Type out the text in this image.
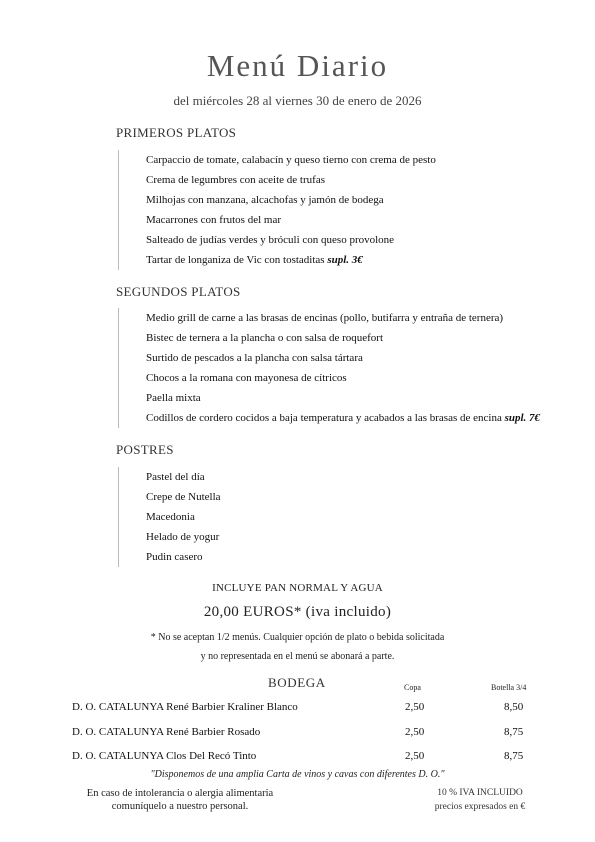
Menú Diario
del miércoles 28 al viernes 30 de enero de 2026
PRIMEROS PLATOS
Carpaccio de tomate, calabacín y queso tierno con crema de pesto
Crema de legumbres con aceite de trufas
Milhojas con manzana, alcachofas y jamón de bodega
Macarrones con frutos del mar
Salteado de judías verdes y bróculi con queso provolone
Tartar de longaniza de Vic con tostaditas supl. 3€
SEGUNDOS PLATOS
Medio grill de carne a las brasas de encinas (pollo, butifarra y entraña de ternera)
Bistec de ternera a la plancha o con salsa de roquefort
Surtido de pescados a la plancha con salsa tártara
Chocos a la romana con mayonesa de cítricos
Paella mixta
Codillos de cordero cocidos a baja temperatura y acabados a las brasas de encina supl. 7€
POSTRES
Pastel del día
Crepe de Nutella
Macedonia
Helado de yogur
Pudin casero
INCLUYE PAN NORMAL Y AGUA
20,00 EUROS* (iva incluido)
* No se aceptan 1/2 menús. Cualquier opción de plato o bebida solicitada
y no representada en el menú se abonará a parte.
BODEGA	Copa	Botella 3/4
D. O. CATALUNYA René Barbier Kraliner Blanco	2,50	8,50
D. O. CATALUNYA René Barbier Rosado	2,50	8,75
D. O. CATALUNYA Clos Del Recó Tinto	2,50	8,75
"Disponemos de una amplia Carta de vinos y cavas con diferentes D. O."
En caso de intolerancia o alergia alimentaria
comuníquelo a nuestro personal.
10 % IVA INCLUIDO
precios expresados en €
